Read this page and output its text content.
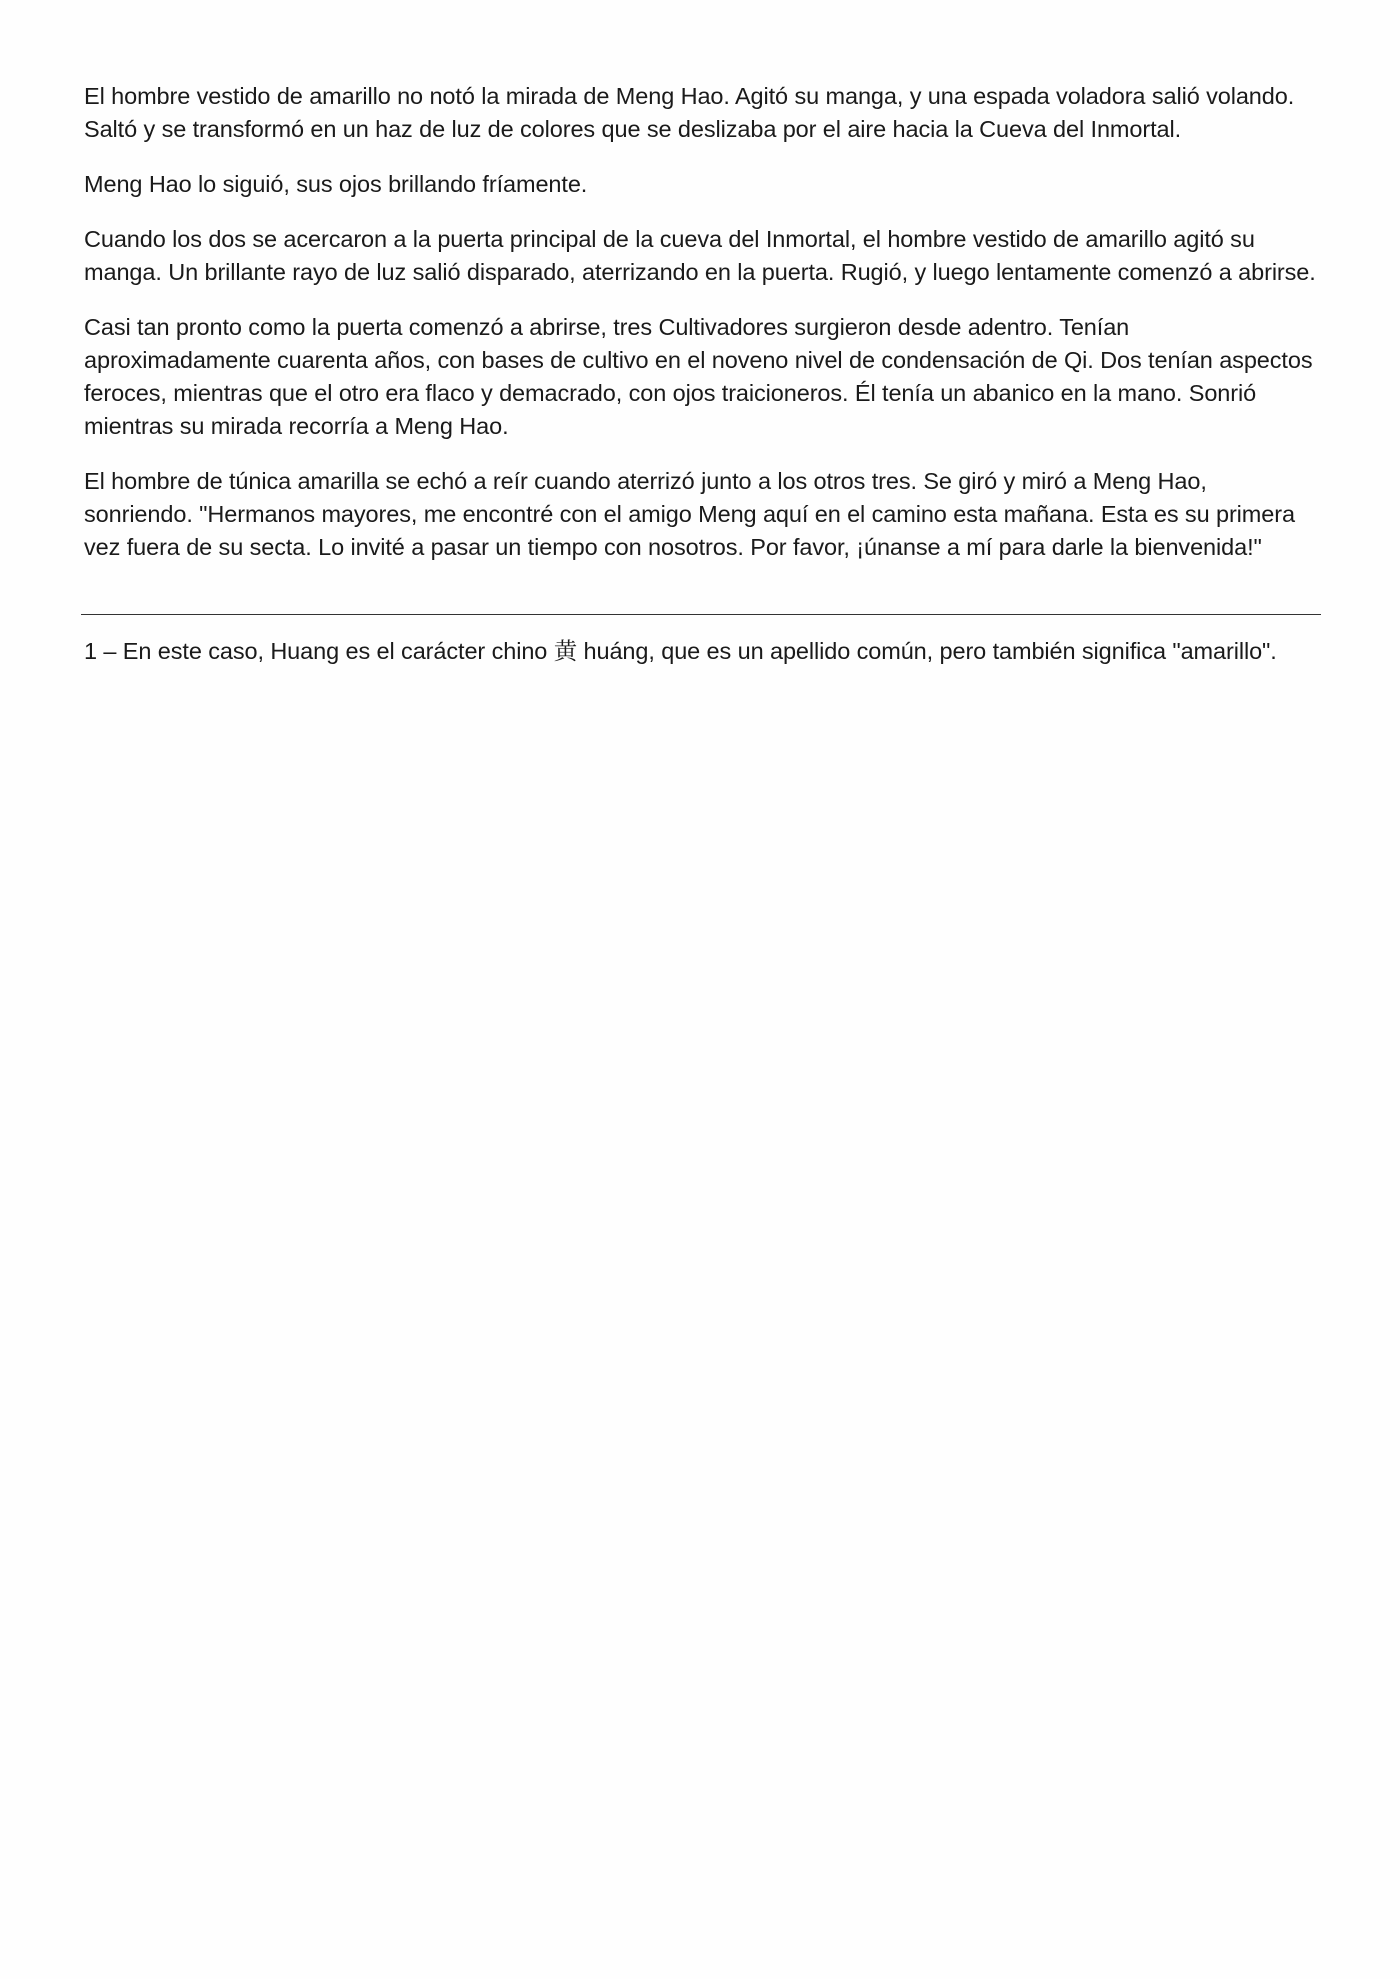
El hombre vestido de amarillo no notó la mirada de Meng Hao. Agitó su manga, y una espada voladora salió volando. Saltó y se transformó en un haz de luz de colores que se deslizaba por el aire hacia la Cueva del Inmortal.

Meng Hao lo siguió, sus ojos brillando fríamente.

Cuando los dos se acercaron a la puerta principal de la cueva del Inmortal, el hombre vestido de amarillo agitó su manga. Un brillante rayo de luz salió disparado, aterrizando en la puerta. Rugió, y luego lentamente comenzó a abrirse.

Casi tan pronto como la puerta comenzó a abrirse, tres Cultivadores surgieron desde adentro. Tenían aproximadamente cuarenta años, con bases de cultivo en el noveno nivel de condensación de Qi. Dos tenían aspectos feroces, mientras que el otro era flaco y demacrado, con ojos traicioneros. Él tenía un abanico en la mano. Sonrió mientras su mirada recorría a Meng Hao.

El hombre de túnica amarilla se echó a reír cuando aterrizó junto a los otros tres. Se giró y miró a Meng Hao, sonriendo. "Hermanos mayores, me encontré con el amigo Meng aquí en el camino esta mañana. Esta es su primera vez fuera de su secta. Lo invité a pasar un tiempo con nosotros. Por favor, ¡únanse a mí para darle la bienvenida!"

1 – En este caso, Huang es el carácter chino 黄 huáng, que es un apellido común, pero también significa "amarillo".
